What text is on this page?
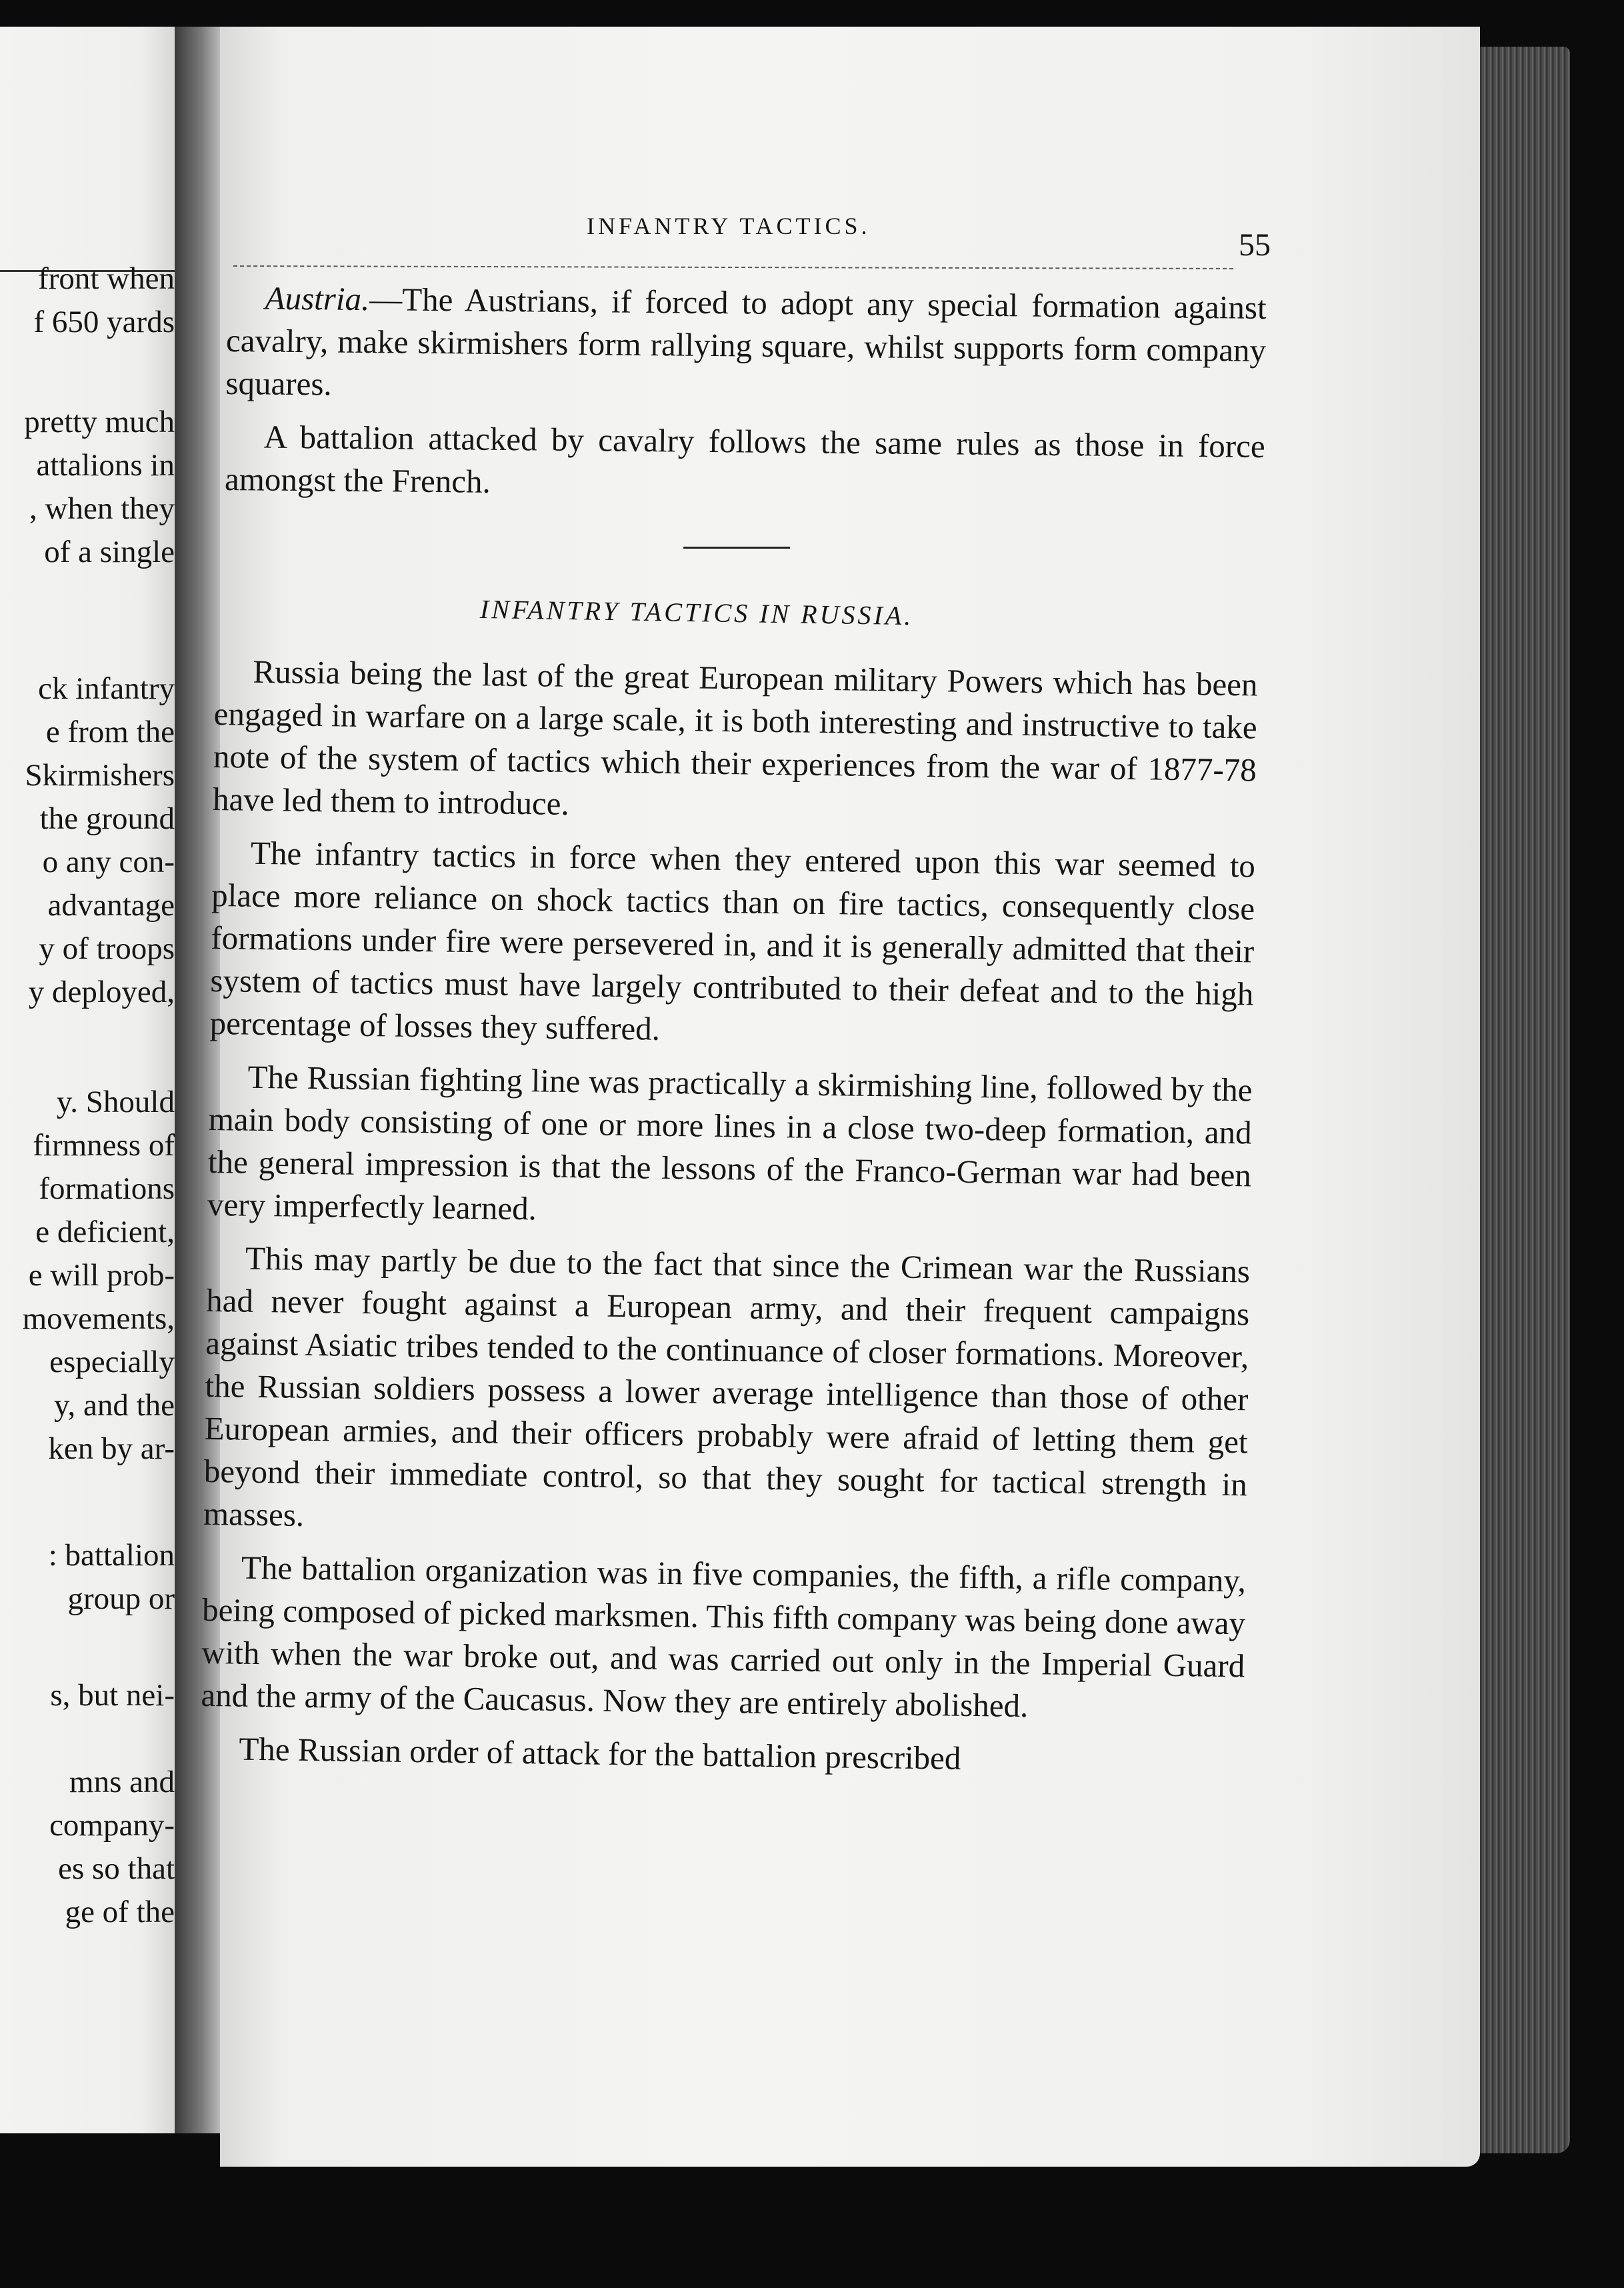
front when
f 650 yards
pretty much
attalions in
, when they
of a single
ck infantry
e from the
Skirmishers
the ground
o any con-
advantage
y of troops
y deployed,
y. Should
firmness of
formations
e deficient,
e will prob-
movements,
especially
y, and the
ken by ar-
: battalion
group or
s, but nei-
mns and
company-
es so that
ge of the
INFANTRY TACTICS.
55

Austria.—The Austrians, if forced to adopt any special formation against cavalry, make skirmishers form rallying square, whilst supports form company squares.

A battalion attacked by cavalry follows the same rules as those in force amongst the French.

INFANTRY TACTICS IN RUSSIA.

Russia being the last of the great European military Powers which has been engaged in warfare on a large scale, it is both interesting and instructive to take note of the system of tactics which their experiences from the war of 1877-78 have led them to introduce.

The infantry tactics in force when they entered upon this war seemed to place more reliance on shock tactics than on fire tactics, consequently close formations under fire were persevered in, and it is generally admitted that their system of tactics must have largely contributed to their defeat and to the high percentage of losses they suffered.

The Russian fighting line was practically a skirmishing line, followed by the main body consisting of one or more lines in a close two-deep formation, and the general impression is that the lessons of the Franco-German war had been very imperfectly learned.

This may partly be due to the fact that since the Crimean war the Russians had never fought against a European army, and their frequent campaigns against Asiatic tribes tended to the continuance of closer formations. Moreover, the Russian soldiers possess a lower average intelligence than those of other European armies, and their officers probably were afraid of letting them get beyond their immediate control, so that they sought for tactical strength in masses.

The battalion organization was in five companies, the fifth, a rifle company, being composed of picked marksmen. This fifth company was being done away with when the war broke out, and was carried out only in the Imperial Guard and the army of the Caucasus. Now they are entirely abolished.

The Russian order of attack for the battalion prescribed
